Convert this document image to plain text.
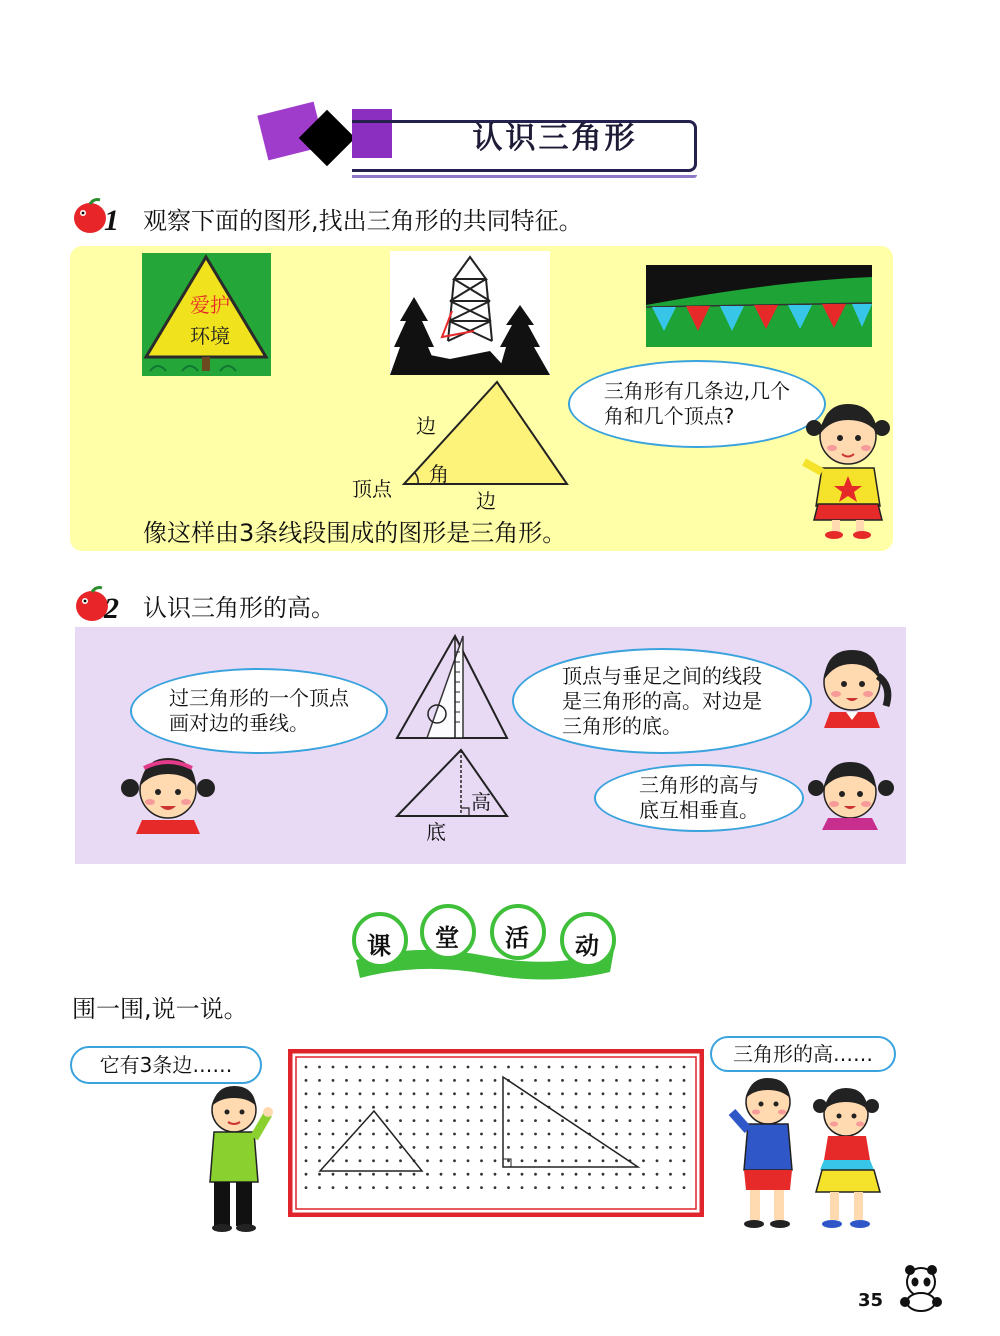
认识三角形
1 观察下面的图形,找出三角形的共同特征。
爱护
环境
边
角
顶点	边
三角形有几条边,几个
角和几个顶点?
像这样由3条线段围成的图形是三角形。
2 认识三角形的高。
过三角形的一个顶点
画对边的垂线。
高
底
顶点与垂足之间的线段
是三角形的高。对边是
三角形的底。
三角形的高与
底互相垂直。
课 堂 活 动
围一围,说一说。
它有3条边……	三角形的高……
35
